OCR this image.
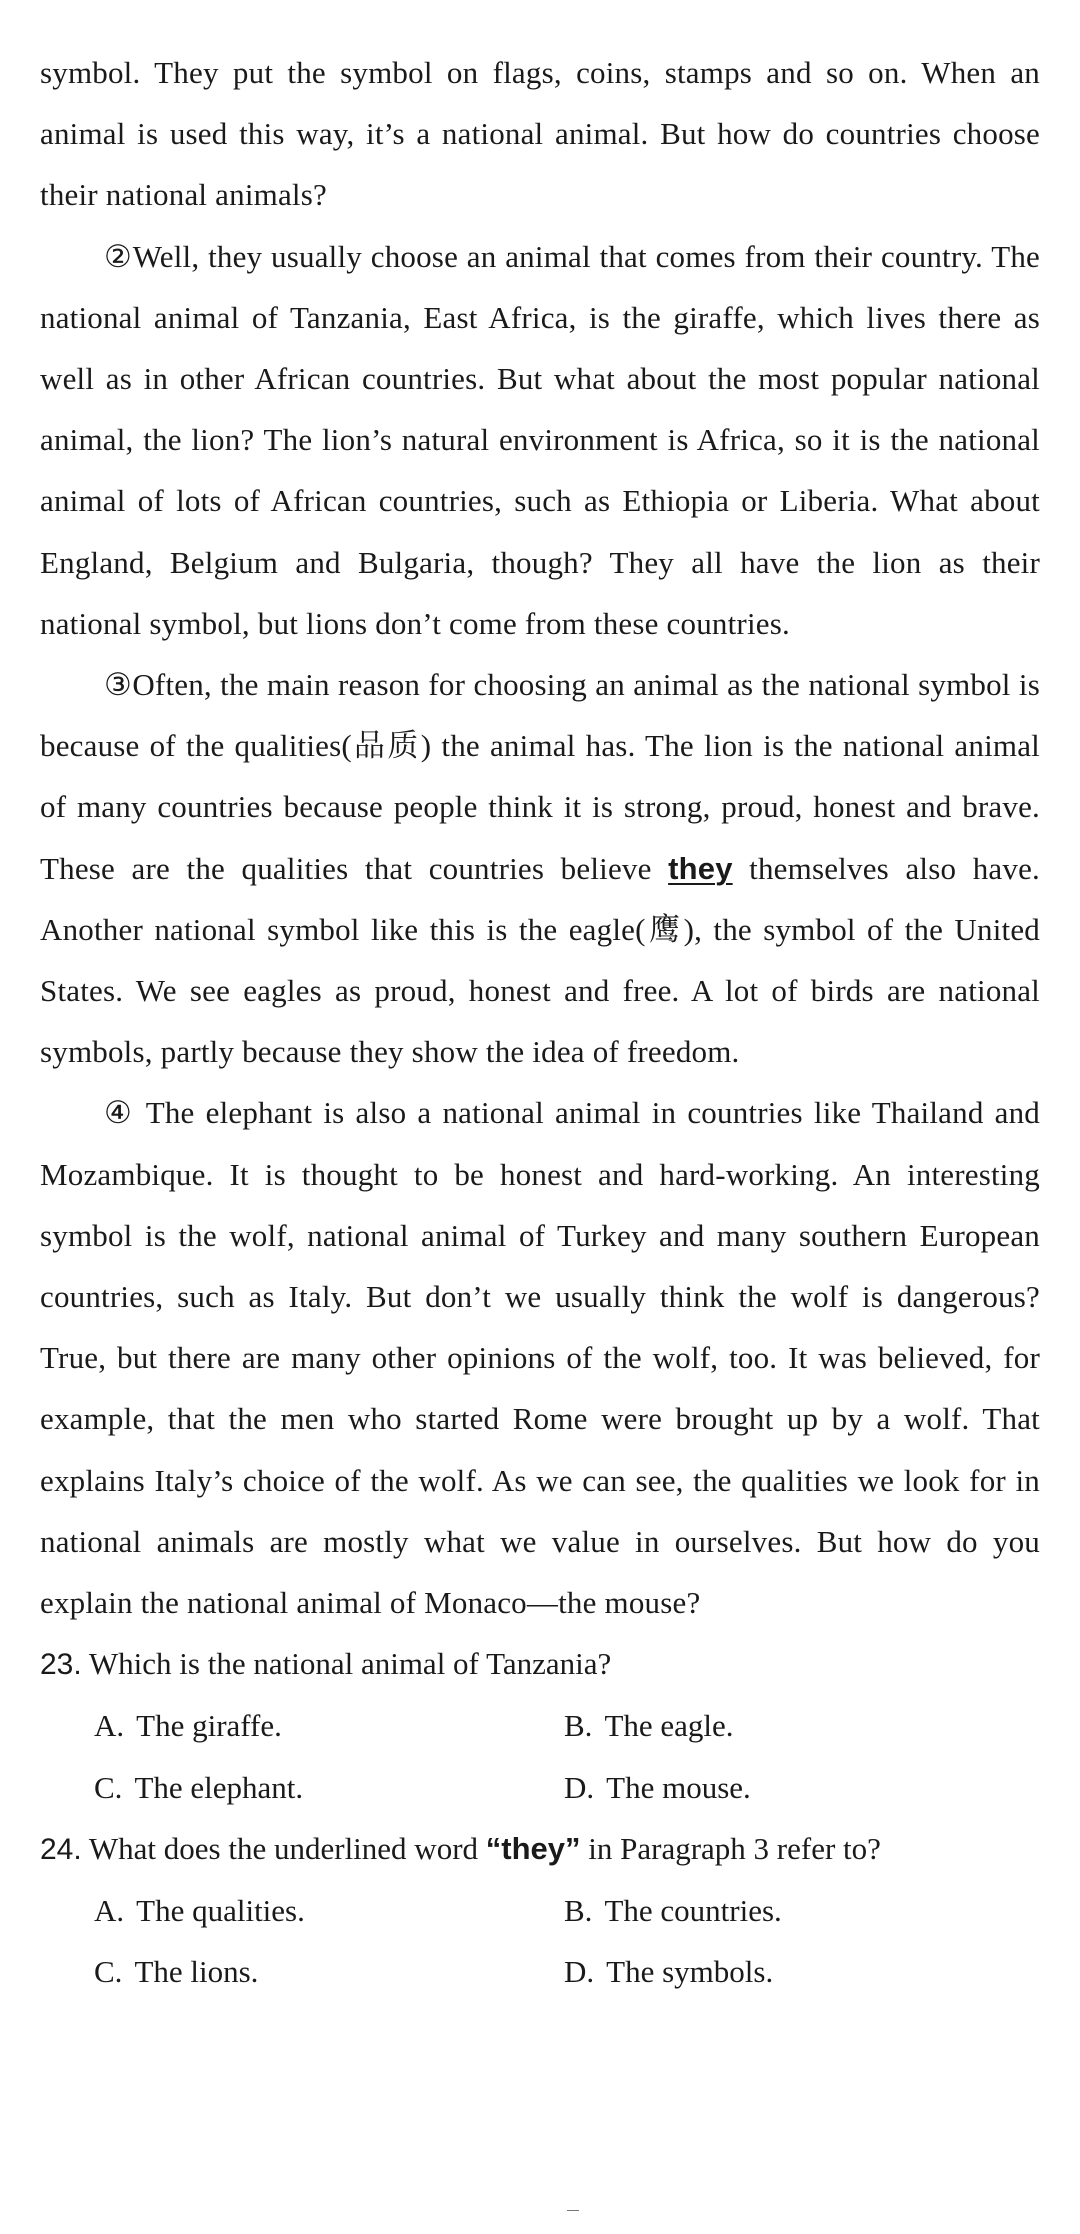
symbol. They put the symbol on flags, coins, stamps and so on. When an animal is used this way, it’s a national animal. But how do countries choose their national animals?

②Well, they usually choose an animal that comes from their country. The national animal of Tanzania, East Africa, is the giraffe, which lives there as well as in other African countries. But what about the most popular national animal, the lion? The lion’s natural environment is Africa, so it is the national animal of lots of African countries, such as Ethiopia or Liberia. What about England, Belgium and Bulgaria, though? They all have the lion as their national symbol, but lions don’t come from these countries.

③Often, the main reason for choosing an animal as the national symbol is because of the qualities(品质) the animal has. The lion is the national animal of many countries because people think it is strong, proud, honest and brave. These are the qualities that countries believe they themselves also have. Another national symbol like this is the eagle(鹰), the symbol of the United States. We see eagles as proud, honest and free. A lot of birds are national symbols, partly because they show the idea of freedom.

④ The elephant is also a national animal in countries like Thailand and Mozambique. It is thought to be honest and hard-working. An interesting symbol is the wolf, national animal of Turkey and many southern European countries, such as Italy. But don’t we usually think the wolf is dangerous? True, but there are many other opinions of the wolf, too. It was believed, for example, that the men who started Rome were brought up by a wolf. That explains Italy’s choice of the wolf. As we can see, the qualities we look for in national animals are mostly what we value in ourselves. But how do you explain the national animal of Monaco—the mouse?

23. Which is the national animal of Tanzania?

A. The giraffe.	B. The eagle.
C. The elephant.	D. The mouse.

24. What does the underlined word “they” in Paragraph 3 refer to?

A. The qualities.	B. The countries.
C. The lions.	D. The symbols.
